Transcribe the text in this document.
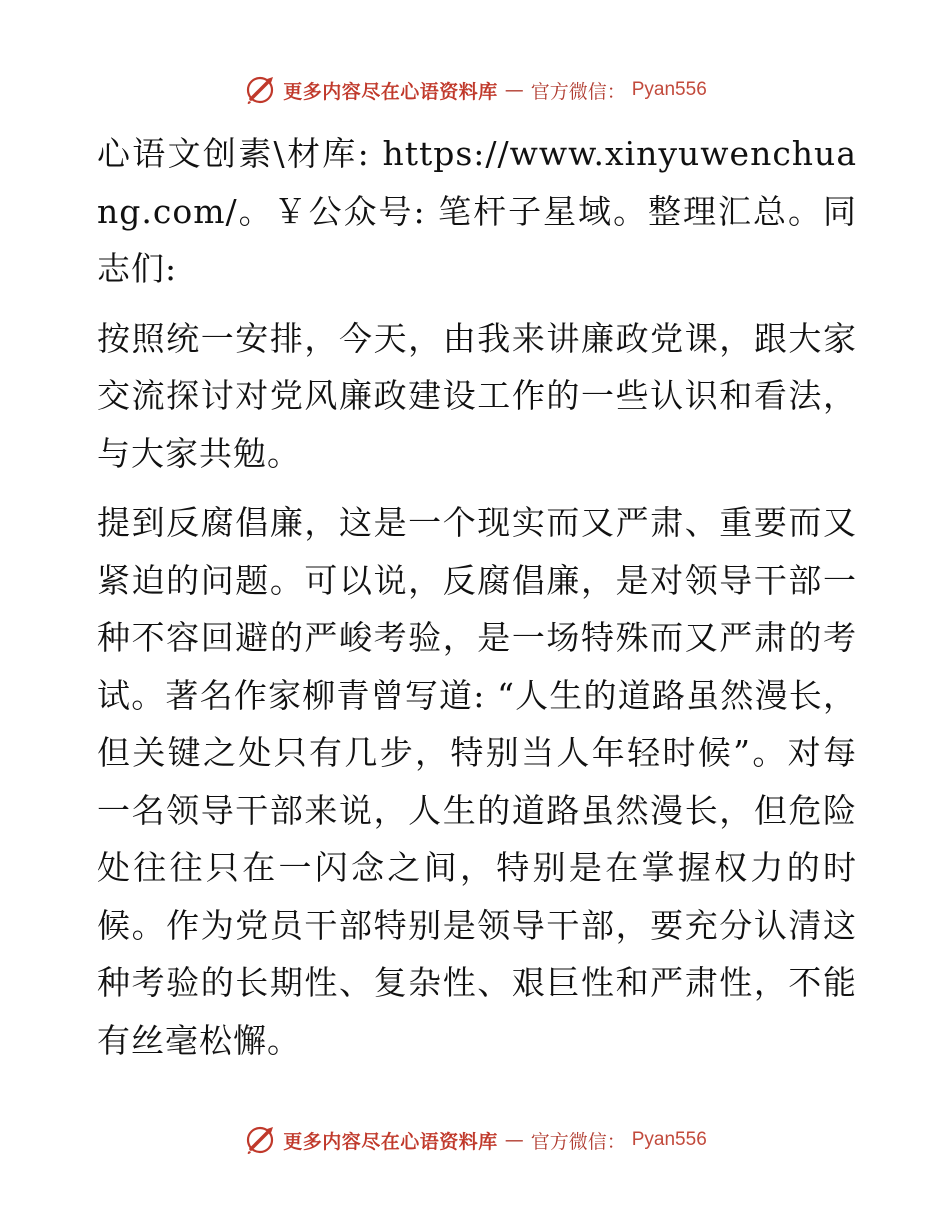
更多内容尽在心语资料库 — 官方微信： Pyan556

心语文创素\材库: https://www.xinyuwenchuang.com/。￥公众号: 笔杆子星域。整理汇总。同志们:

按照统一安排，今天，由我来讲廉政党课，跟大家交流探讨对党风廉政建设工作的一些认识和看法，与大家共勉。

提到反腐倡廉，这是一个现实而又严肃、重要而又紧迫的问题。可以说，反腐倡廉，是对领导干部一种不容回避的严峻考验，是一场特殊而又严肃的考试。著名作家柳青曾写道: “人生的道路虽然漫长，但关键之处只有几步，特别当人年轻时候”。对每一名领导干部来说，人生的道路虽然漫长，但危险处往往只在一闪念之间，特别是在掌握权力的时候。作为党员干部特别是领导干部，要充分认清这种考验的长期性、复杂性、艰巨性和严肃性，不能有丝毫松懈。

更多内容尽在心语资料库 — 官方微信： Pyan556
